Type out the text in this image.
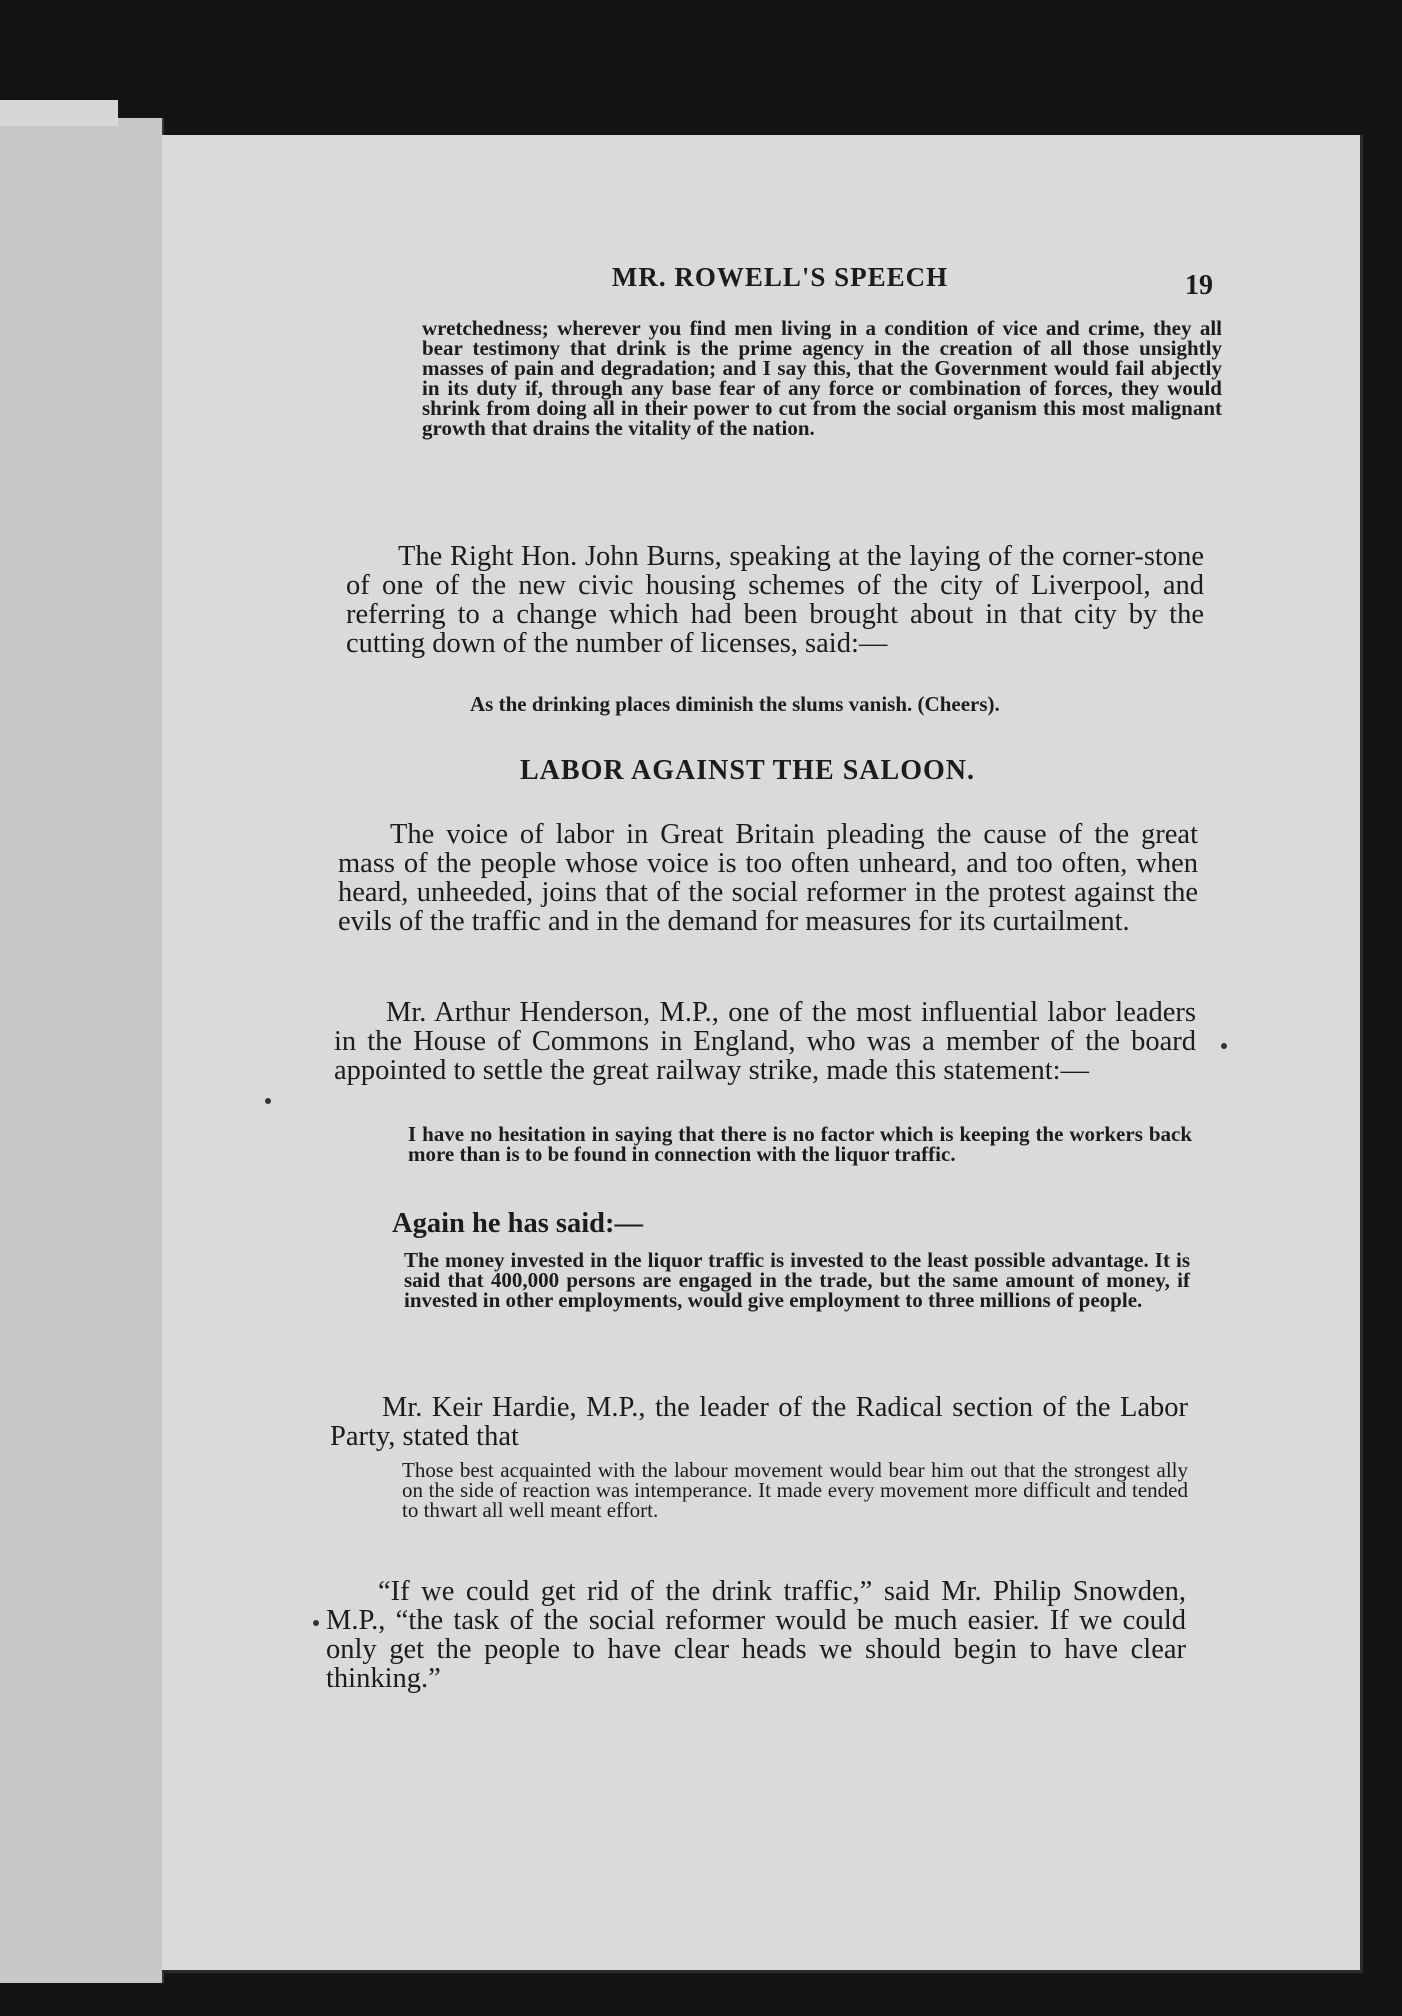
MR. ROWELL'S SPEECH	19
wretchedness; wherever you find men living in a condition of vice and crime, they all bear testimony that drink is the prime agency in the creation of all those unsightly masses of pain and degradation; and I say this, that the Government would fail abjectly in its duty if, through any base fear of any force or combination of forces, they would shrink from doing all in their power to cut from the social organism this most malignant growth that drains the vitality of the nation.
The Right Hon. John Burns, speaking at the laying of the corner-stone of one of the new civic housing schemes of the city of Liverpool, and referring to a change which had been brought about in that city by the cutting down of the number of licenses, said:—
As the drinking places diminish the slums vanish. (Cheers).
LABOR AGAINST THE SALOON.
The voice of labor in Great Britain pleading the cause of the great mass of the people whose voice is too often unheard, and too often, when heard, unheeded, joins that of the social reformer in the protest against the evils of the traffic and in the demand for measures for its curtailment.
Mr. Arthur Henderson, M.P., one of the most influential labor leaders in the House of Commons in England, who was a member of the board appointed to settle the great railway strike, made this statement:—
I have no hesitation in saying that there is no factor which is keeping the workers back more than is to be found in connection with the liquor traffic.
Again he has said:—
The money invested in the liquor traffic is invested to the least possible advantage. It is said that 400,000 persons are engaged in the trade, but the same amount of money, if invested in other employments, would give employment to three millions of people.
Mr. Keir Hardie, M.P., the leader of the Radical section of the Labor Party, stated that
Those best acquainted with the labour movement would bear him out that the strongest ally on the side of reaction was intemperance. It made every movement more difficult and tended to thwart all well meant effort.
“If we could get rid of the drink traffic,” said Mr. Philip Snowden, M.P., “the task of the social reformer would be much easier. If we could only get the people to have clear heads we should begin to have clear thinking.”
